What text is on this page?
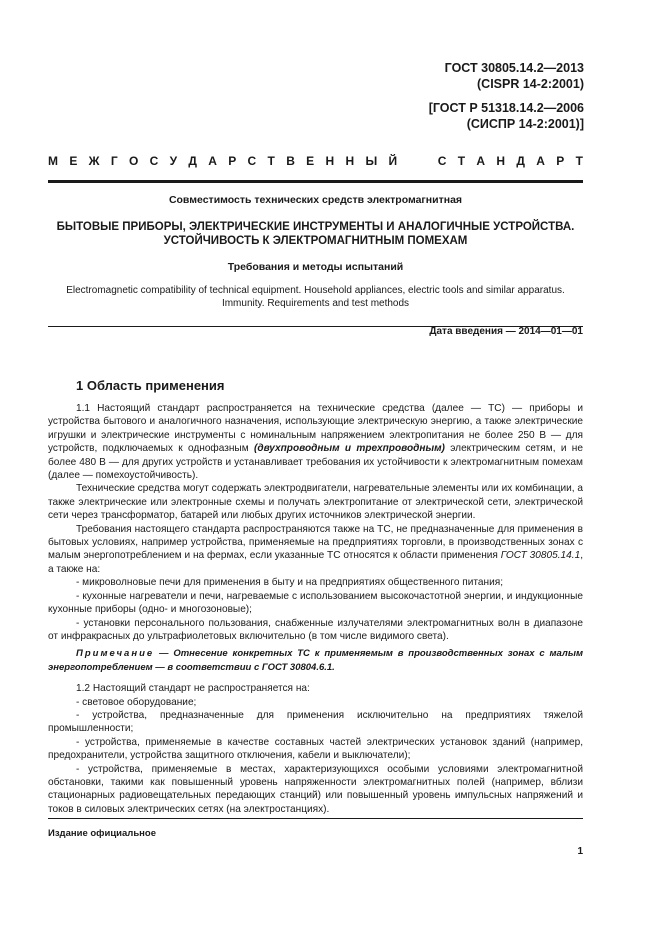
ГОСТ 30805.14.2—2013
(CISPR 14-2:2001)
[ГОСТ Р 51318.14.2—2006
(СИСПР 14-2:2001)]
М Е Ж Г О С У Д А Р С Т В Е Н Н Ы Й

	С Т А Н Д А Р Т
Совместимость технических средств электромагнитная
БЫТОВЫЕ ПРИБОРЫ, ЭЛЕКТРИЧЕСКИЕ ИНСТРУМЕНТЫ И АНАЛОГИЧНЫЕ УСТРОЙСТВА.
УСТОЙЧИВОСТЬ К ЭЛЕКТРОМАГНИТНЫМ ПОМЕХАМ
Требования и методы испытаний
Electromagnetic compatibility of technical equipment. Household appliances, electric tools and similar apparatus.
Immunity. Requirements and test methods
Дата введения — 2014—01—01
1 Область применения

1.1 Настоящий стандарт распространяется на технические средства (далее — ТС) — приборы и устройства бытового и аналогичного назначения, использующие электрическую энергию, а также электрические игрушки и электрические инструменты с номинальным напряжением электропитания не более 250 В — для устройств, подключаемых к однофазным (двухпроводным и трехпроводным) электрическим сетям, и не более 480 В — для других устройств и устанавливает требования их устойчивости к электромагнитным помехам (далее — помехоустойчивость).

Технические средства могут содержать электродвигатели, нагревательные элементы или их комбинации, а также электрические или электронные схемы и получать электропитание от электрической сети, электрической сети через трансформатор, батарей или любых других источников электрической энергии.

Требования настоящего стандарта распространяются также на ТС, не предназначенные для применения в бытовых условиях, например устройства, применяемые на предприятиях торговли, в производственных зонах с малым энергопотреблением и на фермах, если указанные ТС относятся к области применения ГОСТ 30805.14.1, а также на:

- микроволновые печи для применения в быту и на предприятиях общественного питания;

- кухонные нагреватели и печи, нагреваемые с использованием высокочастотной энергии, и индукционные кухонные приборы (одно- и многозоновые);

- установки персонального пользования, снабженные излучателями электромагнитных волн в диапазоне от инфракрасных до ультрафиолетовых включительно (в том числе видимого света).

Примечание — Отнесение конкретных ТС к применяемым в производственных зонах с малым энергопотреблением — в соответствии с ГОСТ 30804.6.1.

1.2 Настоящий стандарт не распространяется на:

- световое оборудование;

- устройства, предназначенные для применения исключительно на предприятиях тяжелой промышленности;

- устройства, применяемые в качестве составных частей электрических установок зданий (например, предохранители, устройства защитного отключения, кабели и выключатели);

- устройства, применяемые в местах, характеризующихся особыми условиями электромагнитной обстановки, такими как повышенный уровень напряженности электромагнитных полей (например, вблизи стационарных радиовещательных передающих станций) или повышенный уровень импульсных напряжений и токов в силовых электрических сетях (на электростанциях).

Издание официальное
1
